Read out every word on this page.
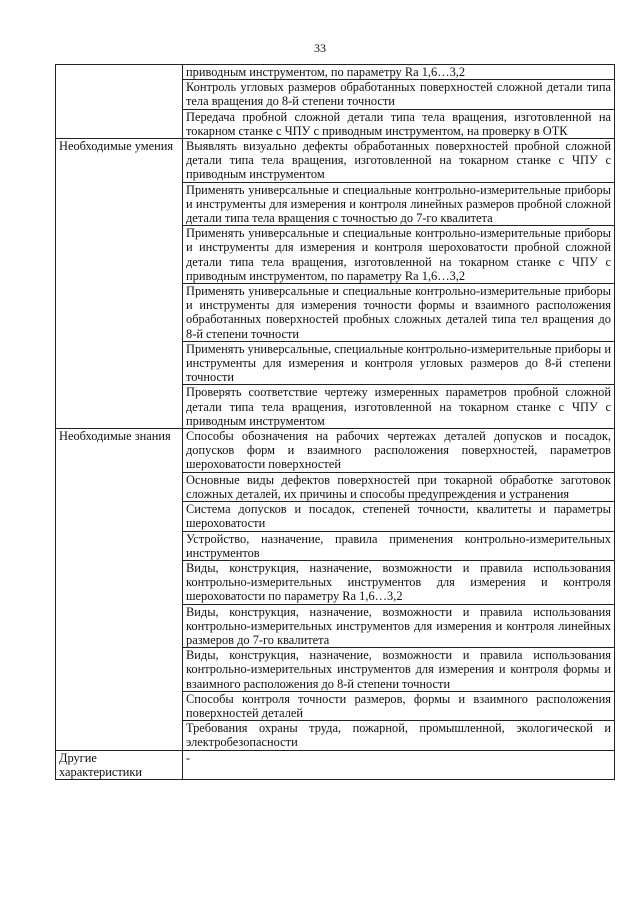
33
	приводным инструментом, по параметру Ra 1,6…3,2
	Контроль угловых размеров обработанных поверхностей сложной детали типа тела вращения до 8-й степени точности
	Передача пробной сложной детали типа тела вращения, изготовленной на токарном станке с ЧПУ с приводным инструментом, на проверку в ОТК
Необходимые умения	Выявлять визуально дефекты обработанных поверхностей пробной сложной детали типа тела вращения, изготовленной на токарном станке с ЧПУ с приводным инструментом
	Применять универсальные и специальные контрольно-измерительные приборы и инструменты для измерения и контроля линейных размеров пробной сложной детали типа тела вращения с точностью до 7-го квалитета
	Применять универсальные и специальные контрольно-измерительные приборы и инструменты для измерения и контроля шероховатости пробной сложной детали типа тела вращения, изготовленной на токарном станке с ЧПУ с приводным инструментом, по параметру Ra 1,6…3,2
	Применять универсальные и специальные контрольно-измерительные приборы и инструменты для измерения точности формы и взаимного расположения обработанных поверхностей пробных сложных деталей типа тел вращения до 8-й степени точности
	Применять универсальные, специальные контрольно-измерительные приборы и инструменты для измерения и контроля угловых размеров до 8-й степени точности
	Проверять соответствие чертежу измеренных параметров пробной сложной детали типа тела вращения, изготовленной на токарном станке с ЧПУ с приводным инструментом
Необходимые знания	Способы обозначения на рабочих чертежах деталей допусков и посадок, допусков форм и взаимного расположения поверхностей, параметров шероховатости поверхностей
	Основные виды дефектов поверхностей при токарной обработке заготовок сложных деталей, их причины и способы предупреждения и устранения
	Система допусков и посадок, степеней точности, квалитеты и параметры шероховатости
	Устройство, назначение, правила применения контрольно-измерительных инструментов
	Виды, конструкция, назначение, возможности и правила использования контрольно-измерительных инструментов для измерения и контроля шероховатости по параметру Ra 1,6…3,2
	Виды, конструкция, назначение, возможности и правила использования контрольно-измерительных инструментов для измерения и контроля линейных размеров до 7-го квалитета
	Виды, конструкция, назначение, возможности и правила использования контрольно-измерительных инструментов для измерения и контроля формы и взаимного расположения до 8-й степени точности
	Способы контроля точности размеров, формы и взаимного расположения поверхностей деталей
	Требования охраны труда, пожарной, промышленной, экологической и электробезопасности
Другие характеристики	-
